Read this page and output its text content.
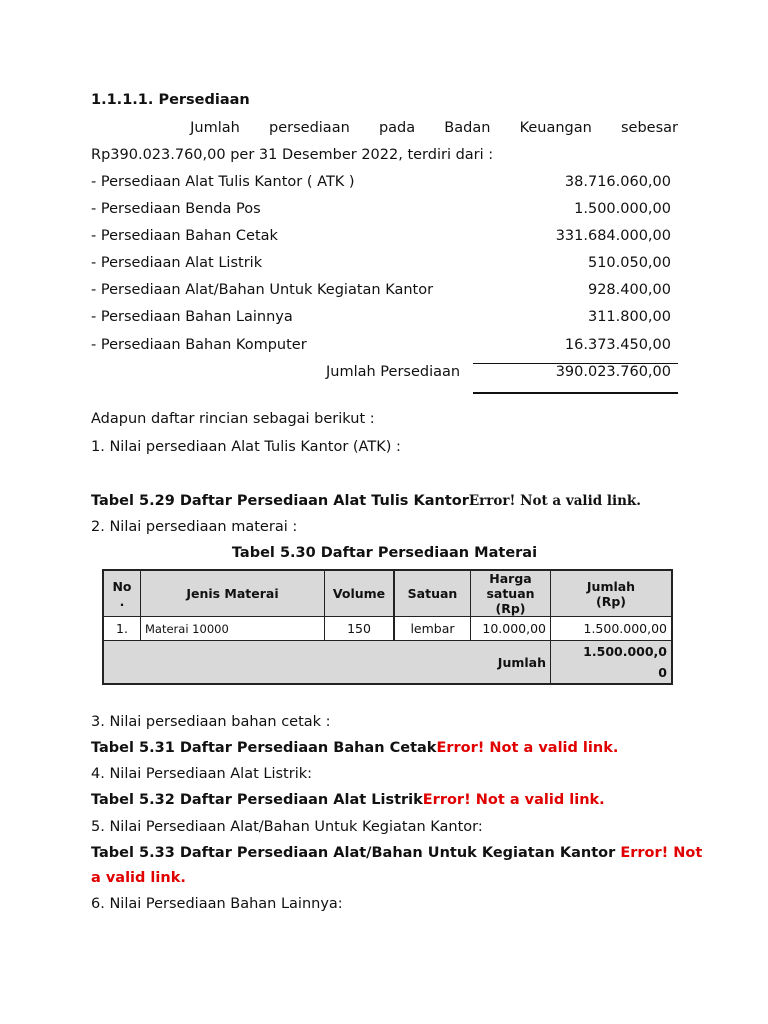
1.1.1.1. Persediaan
Jumlah persediaan pada Badan Keuangan sebesar
Rp390.023.760,00 per 31 Desember 2022, terdiri dari :
- Persediaan Alat Tulis Kantor ( ATK )	38.716.060,00
- Persediaan Benda Pos	1.500.000,00
- Persediaan Bahan Cetak	331.684.000,00
- Persediaan Alat Listrik	510.050,00
- Persediaan Alat/Bahan Untuk Kegiatan Kantor	928.400,00
- Persediaan Bahan Lainnya	311.800,00
- Persediaan Bahan Komputer	16.373.450,00
Jumlah Persediaan	390.023.760,00
Adapun daftar rincian sebagai berikut :
1. Nilai persediaan Alat Tulis Kantor (ATK) :
Tabel 5.29 Daftar Persediaan Alat Tulis KantorError! Not a valid link.
2. Nilai persediaan materai :
Tabel 5.30 Daftar Persediaan Materai
No
.	Jenis Materai	Volume	Satuan	Harga
satuan
(Rp)	Jumlah
(Rp)
1.	Materai 10000	150	lembar	10.000,00	1.500.000,00
Jumlah					1.500.000,0
0
3. Nilai persediaan bahan cetak :
Tabel 5.31 Daftar Persediaan Bahan CetakError! Not a valid link.
4. Nilai Persediaan Alat Listrik:
Tabel 5.32 Daftar Persediaan Alat ListrikError! Not a valid link.
5. Nilai Persediaan Alat/Bahan Untuk Kegiatan Kantor:
Tabel 5.33 Daftar Persediaan Alat/Bahan Untuk Kegiatan Kantor Error! Not
a valid link.
6. Nilai Persediaan Bahan Lainnya:
